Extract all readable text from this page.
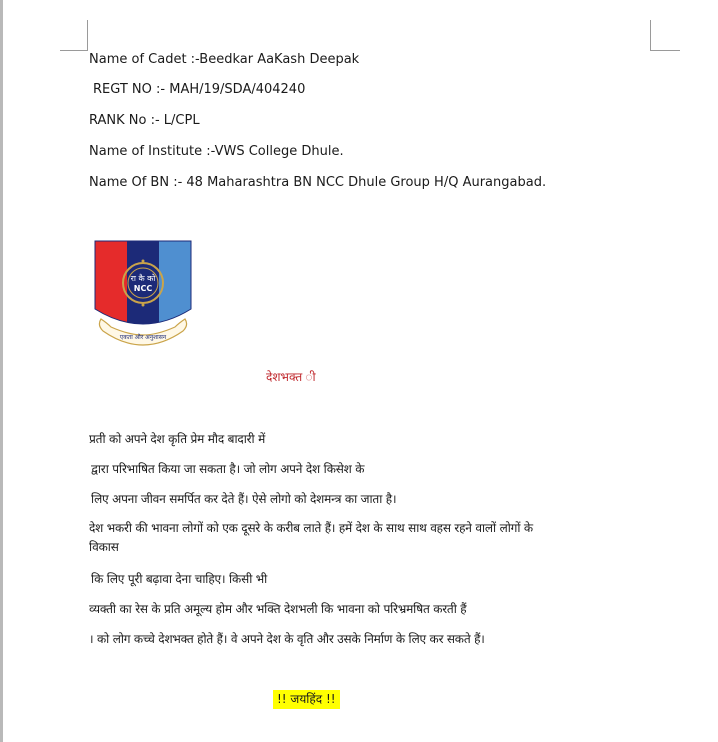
Name of Cadet :-Beedkar AaKash Deepak
REGT NO :- MAH/19/SDA/404240
RANK No :- L/CPL
Name of Institute :-VWS College Dhule.
Name Of BN :- 48 Maharashtra BN NCC Dhule Group H/Q Aurangabad.
रा कै को
NCC
एकता और अनुशासन
देशभक्त ी
प्रती को अपने देश कृति प्रेम मौद बादारी में
द्वारा परिभाषित किया जा सकता है। जो लोग अपने देश किसेश के
लिए अपना जीवन समर्पित कर देते हैं। ऐसे लोगो को देशमन्त्र का जाता है।
देश भकरी की भावना लोगों को एक दूसरे के करीब लाते हैं। हमें देश के साथ साथ वहस रहने वालों लोगों के
विकास
कि लिए पूरी बढ़ावा देना चाहिए। किसी भी
व्यक्ती का रेस के प्रति अमूल्य होम और भक्ति देशभली कि भावना को परिभ्रमषित करती हैं
। को लोग कच्चे देशभक्त होते हैं। वे अपने देश के वृति और उसके निर्माण के लिए कर सकते हैं।
!! जयहिंद !!
